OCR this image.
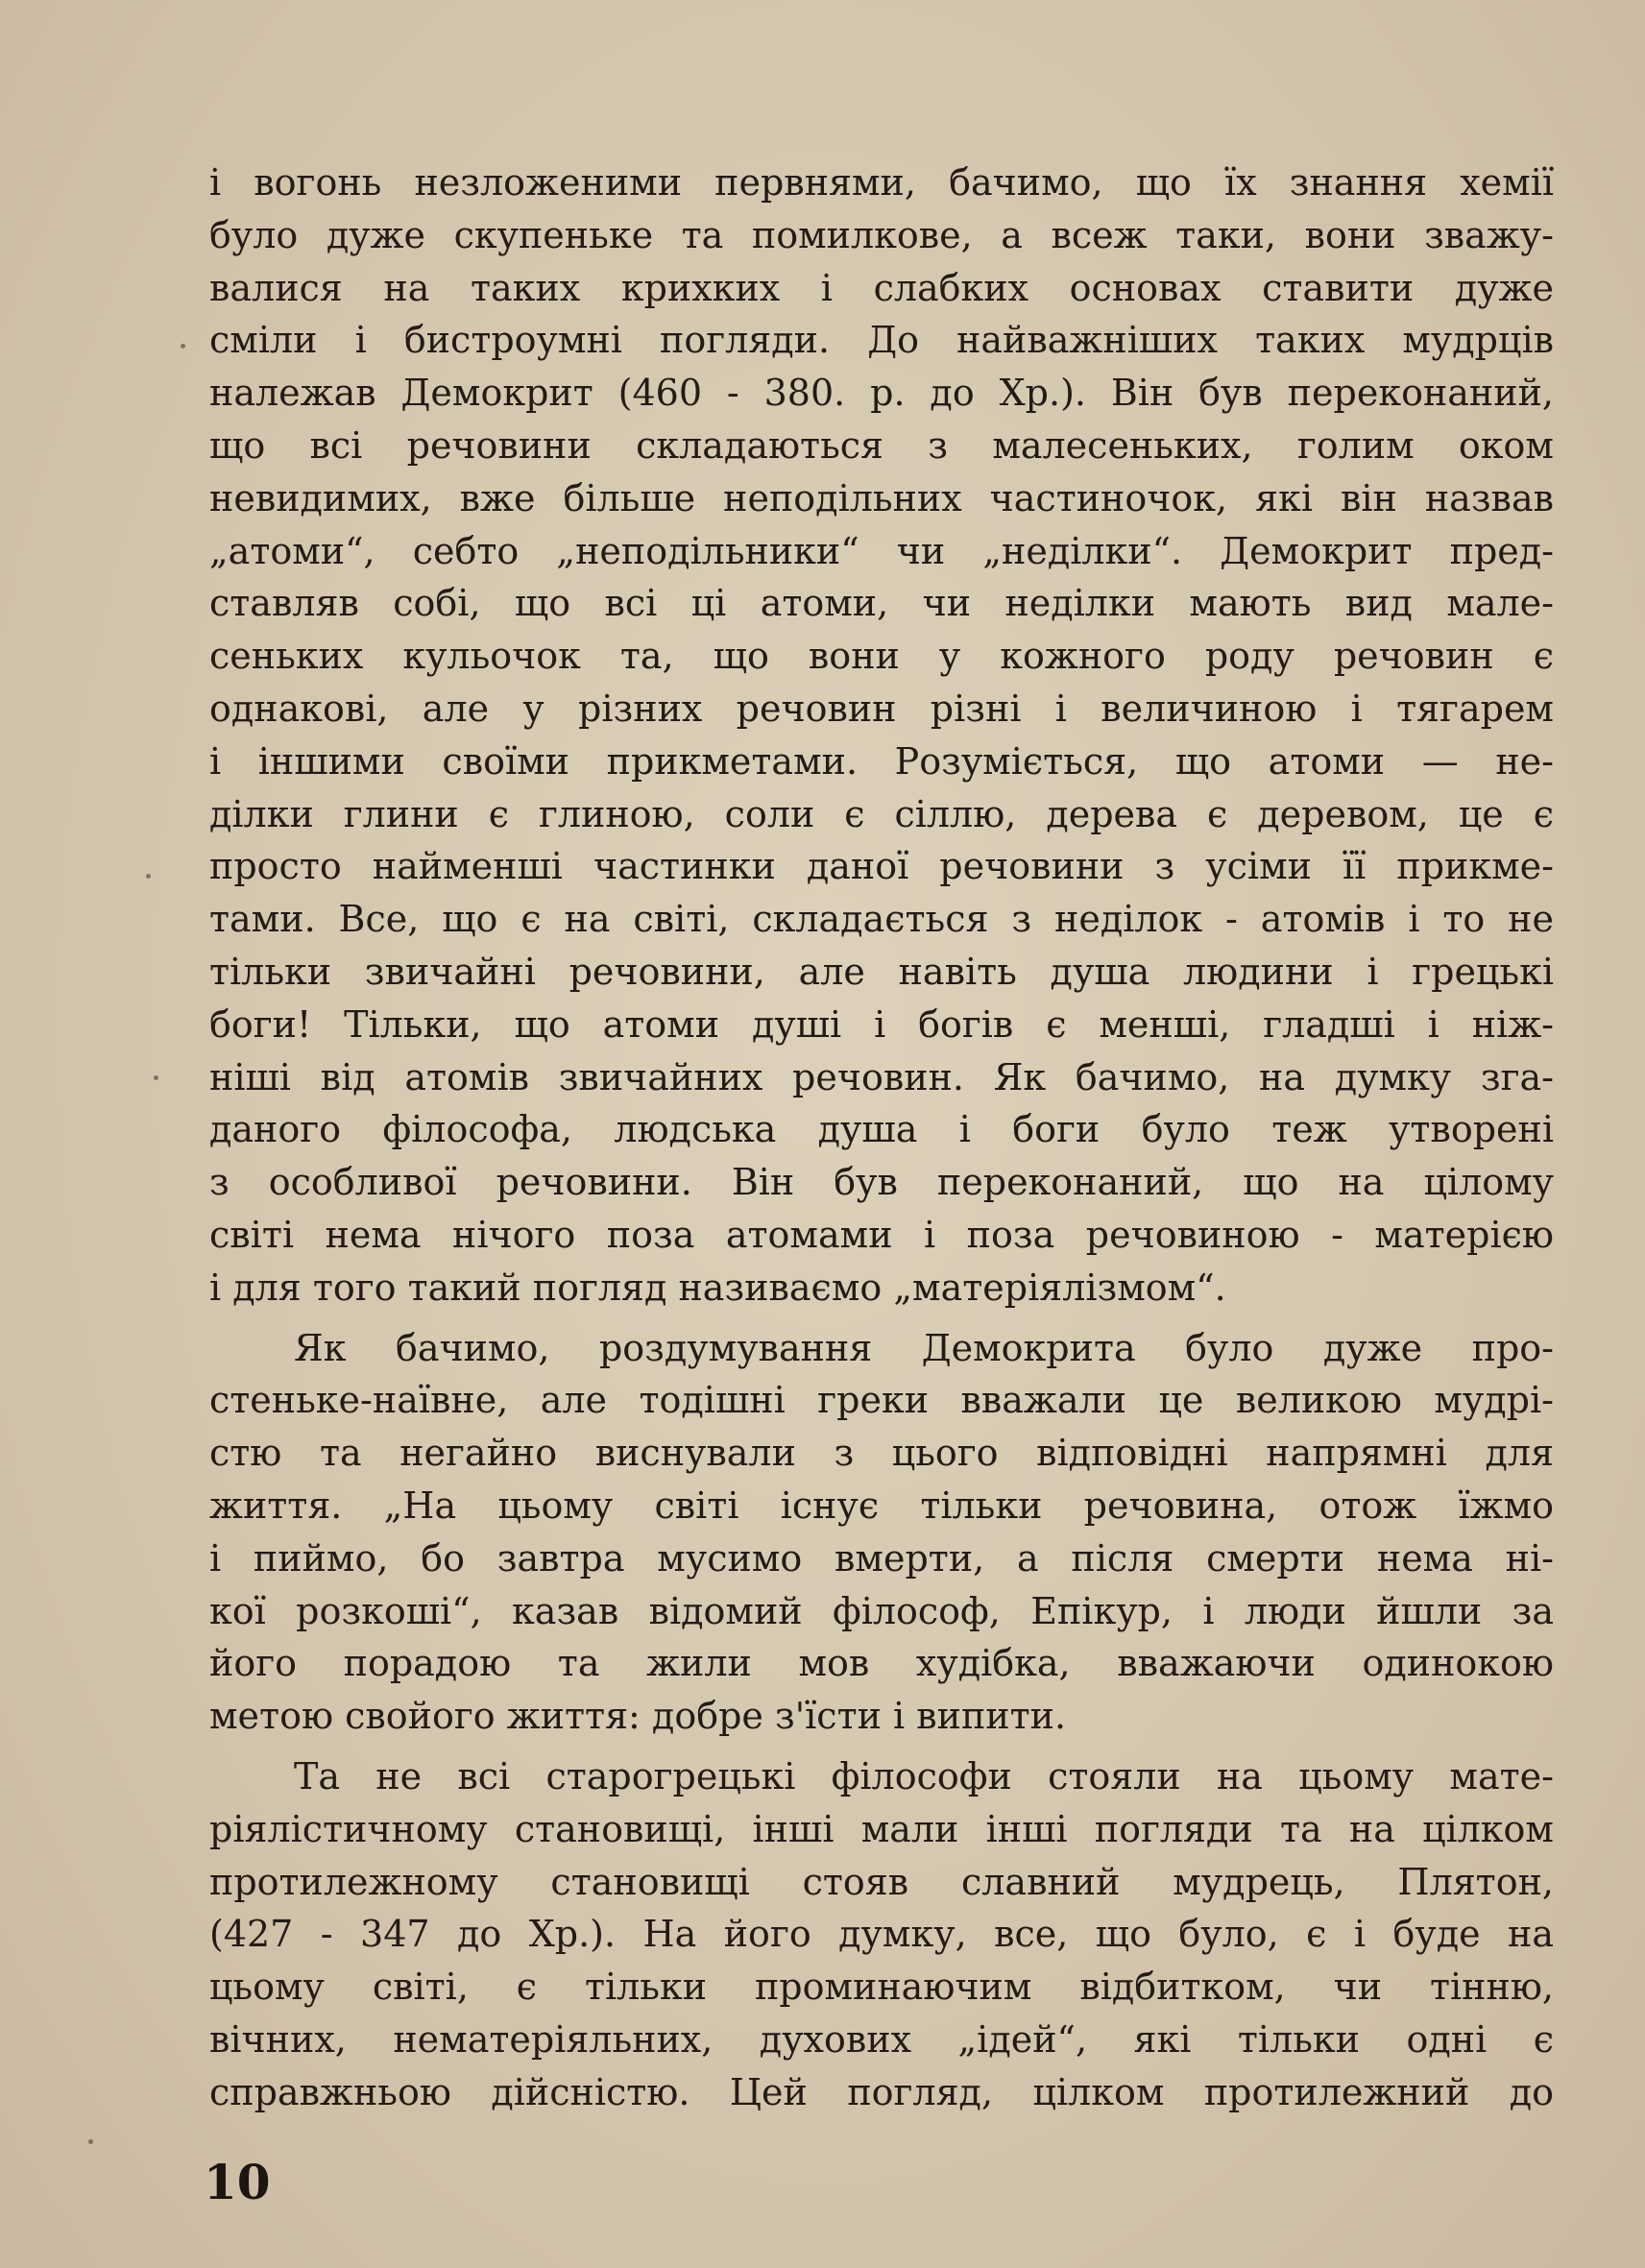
і вогонь незложеними первнями, бачимо, що їх знання хемії
було дуже скупеньке та помилкове, а всеж таки, вони зважу-
валися на таких крихких і слабких основах ставити дуже
сміли і бистроумні погляди. До найважніших таких мудрців
належав Демокрит (460 - 380. р. до Хр.). Він був переконаний,
що всі речовини складаються з малесеньких, голим оком
невидимих, вже більше неподільних частиночок, які він назвав
„атоми“, себто „неподільники“ чи „неділки“. Демокрит пред-
ставляв собі, що всі ці атоми, чи неділки мають вид мале-
сеньких кульочок та, що вони у кожного роду речовин є
однакові, але у різних речовин різні і величиною і тягарем
і іншими своїми прикметами. Розуміється, що атоми — не-
ділки глини є глиною, соли є сіллю, дерева є деревом, це є
просто найменші частинки даної речовини з усіми її прикме-
тами. Все, що є на світі, складається з неділок - атомів і то не
тільки звичайні речовини, але навіть душа людини і грецькі
боги! Тільки, що атоми душі і богів є менші, гладші і ніж-
ніші від атомів звичайних речовин. Як бачимо, на думку зга-
даного філософа, людська душа і боги було теж утворені
з особливої речовини. Він був переконаний, що на цілому
світі нема нічого поза атомами і поза речовиною - матерією
і для того такий погляд називаємо „матеріялізмом“.
Як бачимо, роздумування Демокрита було дуже про-
стеньке-наївне, але тодішні греки вважали це великою мудрі-
стю та негайно виснували з цього відповідні напрямні для
життя. „На цьому світі існує тільки речовина, отож їжмо
і пиймо, бо завтра мусимо вмерти, а після смерти нема ні-
кої розкоші“, казав відомий філософ, Епікур, і люди йшли за
його порадою та жили мов худібка, вважаючи одинокою
метою свойого життя: добре з'їсти і випити.
Та не всі старогрецькі філософи стояли на цьому мате-
ріялістичному становищі, інші мали інші погляди та на цілком
протилежному становищі стояв славний мудрець, Плятон,
(427 - 347 до Хр.). На його думку, все, що було, є і буде на
цьому світі, є тільки проминаючим відбитком, чи тінню,
вічних, нематеріяльних, духових „ідей“, які тільки одні є
справжньою дійсністю. Цей погляд, цілком протилежний до
10
